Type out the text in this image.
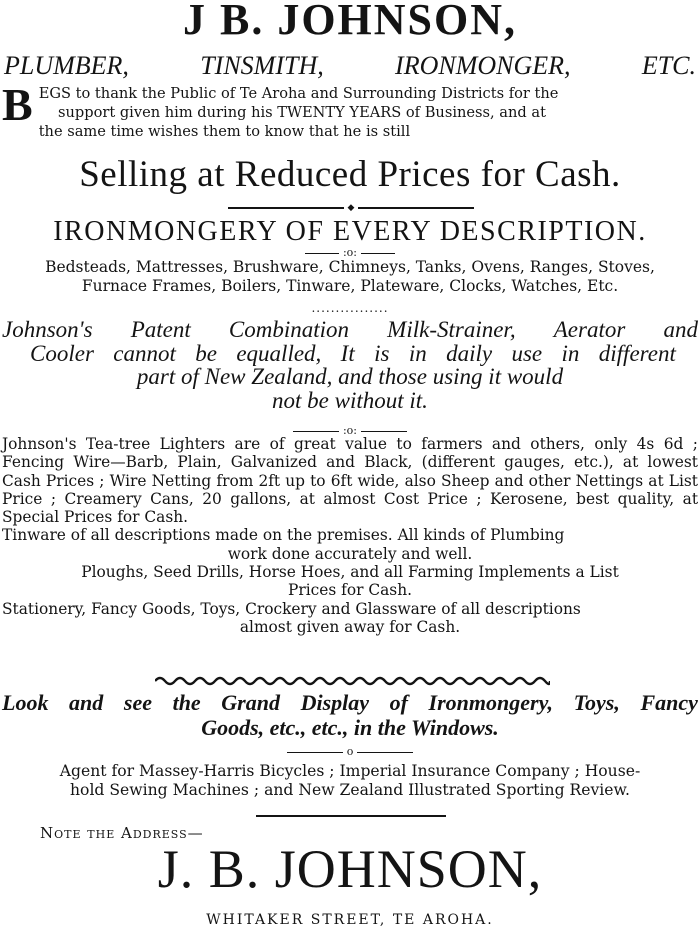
J B. JOHNSON,
PLUMBER,	TINSMITH,	IRONMONGER,	ETC.
B EGS to thank the Public of Te Aroha and Surrounding Districts for the
support given him during his TWENTY YEARS of Business, and at
the same time wishes them to know that he is still
Selling at Reduced Prices for Cash.
◆
IRONMONGERY OF EVERY DESCRIPTION.
:o:
Bedsteads, Mattresses, Brushware, Chimneys, Tanks, Ovens, Ranges, Stoves,
Furnace Frames, Boilers, Tinware, Plateware, Clocks, Watches, Etc.
................
Johnson's Patent Combination Milk-Strainer, Aerator and
Cooler cannot be equalled, It is in daily use in different
part of New Zealand, and those using it would
not be without it.
:o:

Johnson's Tea-tree Lighters are of great value to farmers and others, only 4s 6d ; Fencing Wire—Barb, Plain, Galvanized and Black, (different gauges, etc.), at lowest Cash Prices ; Wire Netting from 2ft up to 6ft wide, also Sheep and other Nettings at List Price ; Creamery Cans, 20 gallons, at almost Cost Price ; Kerosene, best quality, at Special Prices for Cash.

Tinware of all descriptions made on the premises. All kinds of Plumbing

work done accurately and well.

Ploughs, Seed Drills, Horse Hoes, and all Farming Implements a List

Prices for Cash.

Stationery, Fancy Goods, Toys, Crockery and Glassware of all descriptions

almost given away for Cash.

Look and see the Grand Display of Ironmongery, Toys, Fancy
Goods, etc., etc., in the Windows.
o
Agent for Massey-Harris Bicycles ; Imperial Insurance Company ; House-
hold Sewing Machines ; and New Zealand Illustrated Sporting Review.
Note the Address—
J. B. JOHNSON,
WHITAKER STREET, TE AROHA.
